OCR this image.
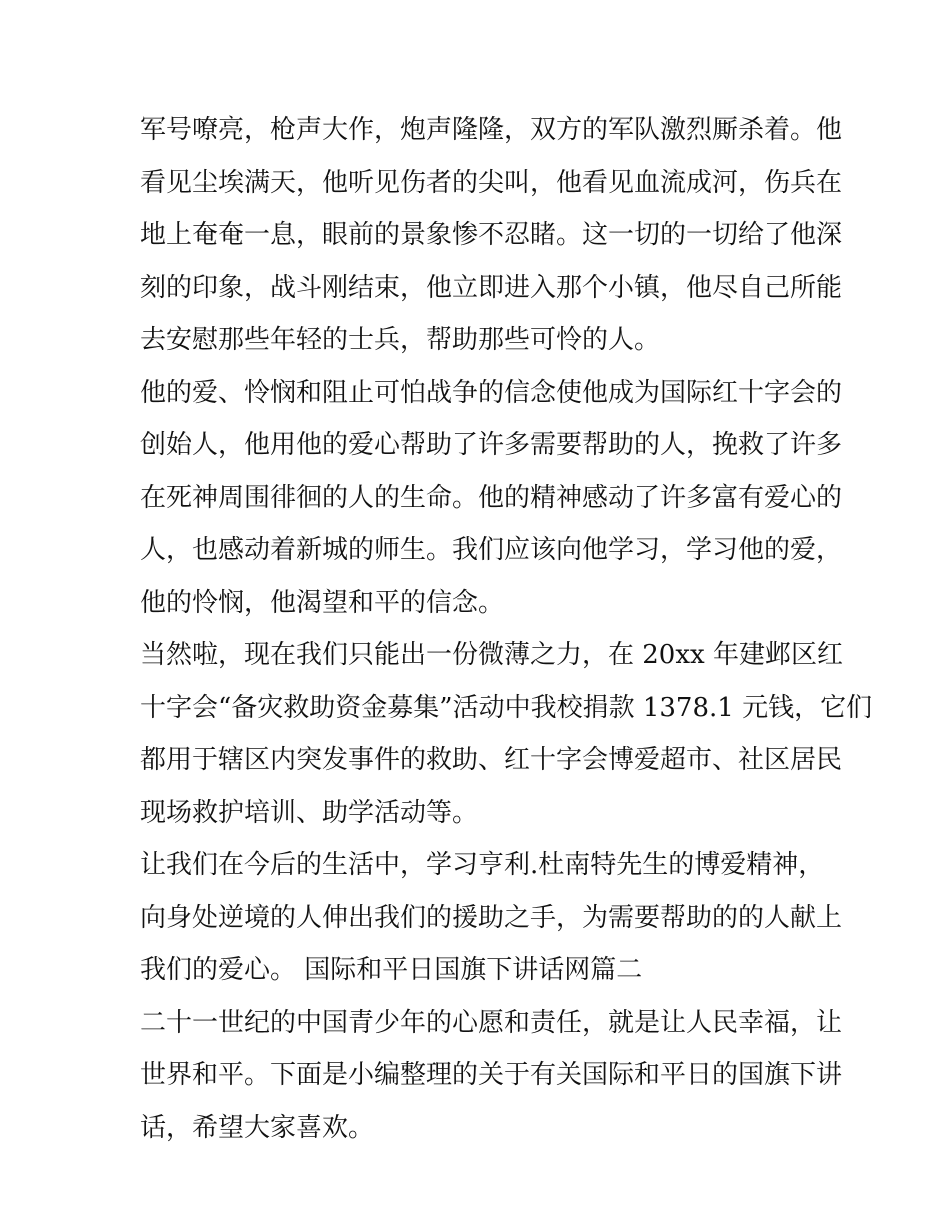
军号嘹亮，枪声大作，炮声隆隆，双方的军队激烈厮杀着。他
看见尘埃满天，他听见伤者的尖叫，他看见血流成河，伤兵在
地上奄奄一息，眼前的景象惨不忍睹。这一切的一切给了他深
刻的印象，战斗刚结束，他立即进入那个小镇，他尽自己所能
去安慰那些年轻的士兵，帮助那些可怜的人。
他的爱、怜悯和阻止可怕战争的信念使他成为国际红十字会的
创始人，他用他的爱心帮助了许多需要帮助的人，挽救了许多
在死神周围徘徊的人的生命。他的精神感动了许多富有爱心的
人，也感动着新城的师生。我们应该向他学习，学习他的爱，
他的怜悯，他渴望和平的信念。
当然啦，现在我们只能出一份微薄之力，在 20xx 年建邺区红
十字会“备灾救助资金募集”活动中我校捐款 1378.1 元钱，它们
都用于辖区内突发事件的救助、红十字会博爱超市、社区居民
现场救护培训、助学活动等。
让我们在今后的生活中，学习亨利.杜南特先生的博爱精神，
向身处逆境的人伸出我们的援助之手，为需要帮助的的人献上
我们的爱心。 国际和平日国旗下讲话网篇二
二十一世纪的中国青少年的心愿和责任，就是让人民幸福，让
世界和平。下面是小编整理的关于有关国际和平日的国旗下讲
话，希望大家喜欢。
